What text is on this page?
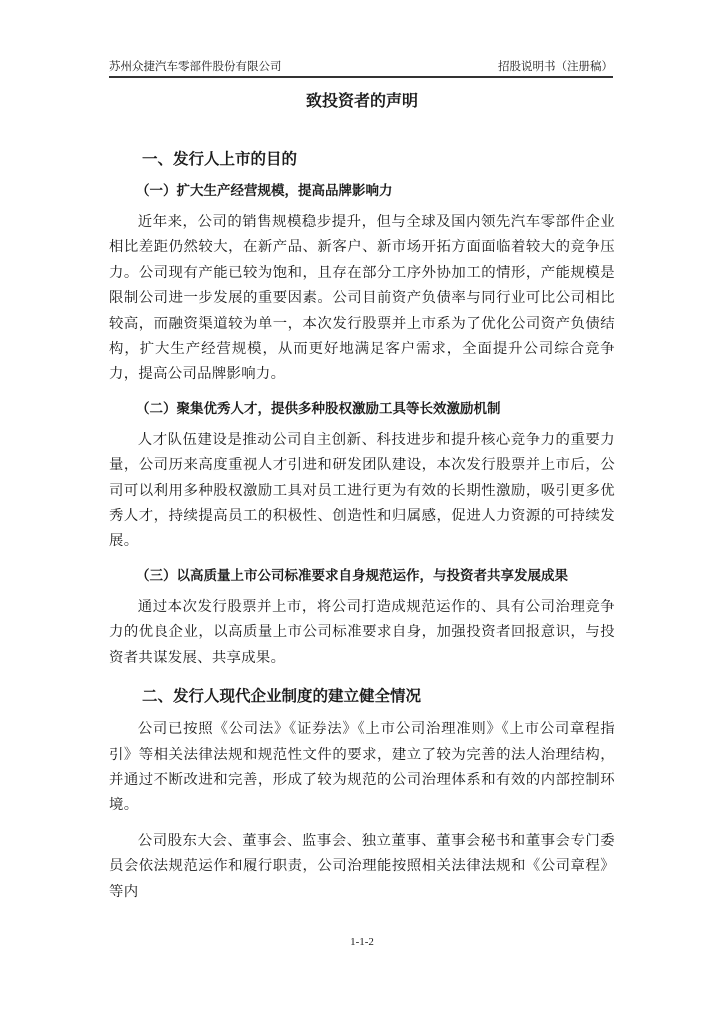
苏州众捷汽车零部件股份有限公司	招股说明书（注册稿）
致投资者的声明
一、发行人上市的目的
（一）扩大生产经营规模，提高品牌影响力

近年来，公司的销售规模稳步提升，但与全球及国内领先汽车零部件企业相比差距仍然较大，在新产品、新客户、新市场开拓方面面临着较大的竞争压力。公司现有产能已较为饱和，且存在部分工序外协加工的情形，产能规模是限制公司进一步发展的重要因素。公司目前资产负债率与同行业可比公司相比较高，而融资渠道较为单一，本次发行股票并上市系为了优化公司资产负债结构，扩大生产经营规模，从而更好地满足客户需求，全面提升公司综合竞争力，提高公司品牌影响力。

（二）聚集优秀人才，提供多种股权激励工具等长效激励机制

人才队伍建设是推动公司自主创新、科技进步和提升核心竞争力的重要力量，公司历来高度重视人才引进和研发团队建设，本次发行股票并上市后，公司可以利用多种股权激励工具对员工进行更为有效的长期性激励，吸引更多优秀人才，持续提高员工的积极性、创造性和归属感，促进人力资源的可持续发展。

（三）以高质量上市公司标准要求自身规范运作，与投资者共享发展成果

通过本次发行股票并上市，将公司打造成规范运作的、具有公司治理竞争力的优良企业，以高质量上市公司标准要求自身，加强投资者回报意识，与投资者共谋发展、共享成果。

二、发行人现代企业制度的建立健全情况

公司已按照《公司法》《证券法》《上市公司治理准则》《上市公司章程指引》等相关法律法规和规范性文件的要求，建立了较为完善的法人治理结构，并通过不断改进和完善，形成了较为规范的公司治理体系和有效的内部控制环境。

公司股东大会、董事会、监事会、独立董事、董事会秘书和董事会专门委员会依法规范运作和履行职责，公司治理能按照相关法律法规和《公司章程》等内

1-1-2
